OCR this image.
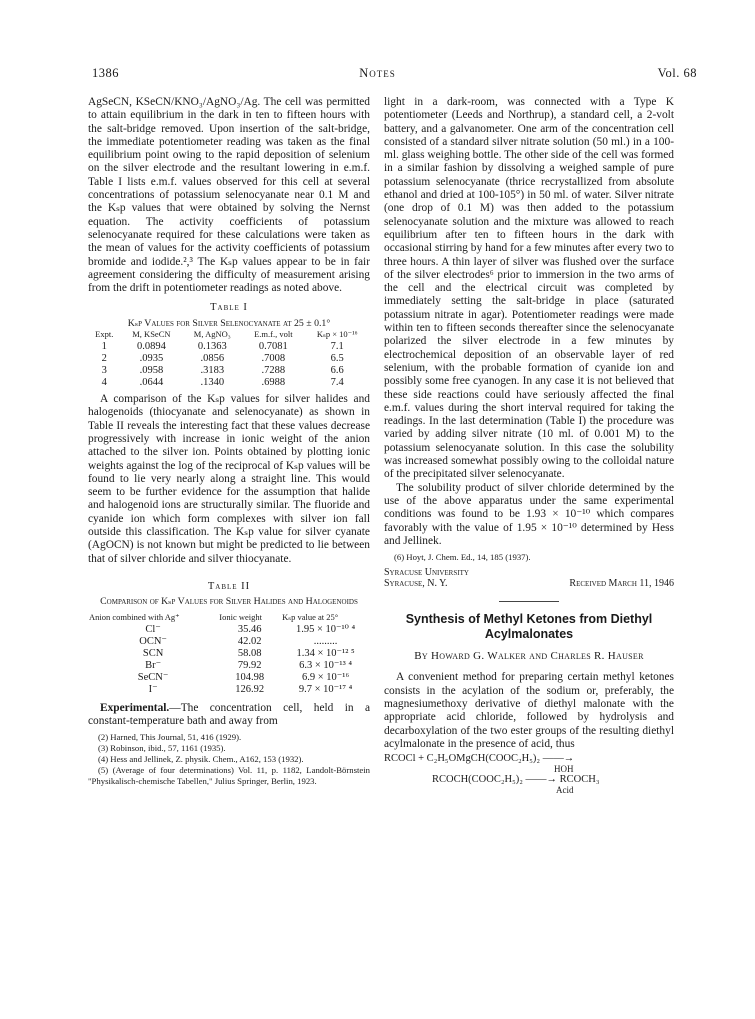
1386	Notes	Vol. 68

AgSeCN, KSeCN/KNO₃/AgNO₃/Ag. The cell was permitted to attain equilibrium in the dark in ten to fifteen hours with the salt-bridge removed. Upon insertion of the salt-bridge, the immediate potentiometer reading was taken as the final equilibrium point owing to the rapid deposition of selenium on the silver electrode and the resultant lowering in e.m.f. Table I lists e.m.f. values observed for this cell at several concentrations of potassium selenocyanate near 0.1 M and the Kₛp values that were obtained by solving the Nernst equation. The activity coefficients of potassium selenocyanate required for these calculations were taken as the mean of values for the activity coefficients of potassium bromide and iodide.²,³ The Kₛp values appear to be in fair agreement considering the difficulty of measurement arising from the drift in potentiometer readings as noted above.

Table I
Kₛp Values for Silver Selenocyanate at 25 ± 0.1°
Expt.	M, KSeCN	M, AgNO₃	E.m.f., volt	Kₛp × 10⁻¹⁶
1	0.0894	0.1363	0.7081	7.1
2	.0935	.0856	.7008	6.5
3	.0958	.3183	.7288	6.6
4	.0644	.1340	.6988	7.4

A comparison of the Kₛp values for silver halides and halogenoids (thiocyanate and selenocyanate) as shown in Table II reveals the interesting fact that these values decrease progressively with increase in ionic weight of the anion attached to the silver ion. Points obtained by plotting ionic weights against the log of the reciprocal of Kₛp values will be found to lie very nearly along a straight line. This would seem to be further evidence for the assumption that halide and halogenoid ions are structurally similar. The fluoride and cyanide ion which form complexes with silver ion fall outside this classification. The Kₛp value for silver cyanate (AgOCN) is not known but might be predicted to lie between that of silver chloride and silver thiocyanate.

Table II
Comparison of Kₛp Values for Silver Halides and Halogenoids
Anion combined with Ag⁺	Ionic weight	Kₛp value at 25°
Cl⁻	35.46	1.95 × 10⁻¹⁰ ⁴
OCN⁻	42.02	.........
SCN	58.08	1.34 × 10⁻¹² ⁵
Br⁻	79.92	6.3 × 10⁻¹³ ⁴
SeCN⁻	104.98	6.9 × 10⁻¹⁶
I⁻	126.92	9.7 × 10⁻¹⁷ ⁴

Experimental.—The concentration cell, held in a constant-temperature bath and away from

(2) Harned, This Journal, 51, 416 (1929).
(3) Robinson, ibid., 57, 1161 (1935).
(4) Hess and Jellinek, Z. physik. Chem., A162, 153 (1932).
(5) (Average of four determinations) Vol. 11, p. 1182, Landolt-Börnstein "Physikalisch-chemische Tabellen," Julius Springer, Berlin, 1923.

light in a dark-room, was connected with a Type K potentiometer (Leeds and Northrup), a standard cell, a 2-volt battery, and a galvanometer. One arm of the concentration cell consisted of a standard silver nitrate solution (50 ml.) in a 100-ml. glass weighing bottle. The other side of the cell was formed in a similar fashion by dissolving a weighed sample of pure potassium selenocyanate (thrice recrystallized from absolute ethanol and dried at 100-105°) in 50 ml. of water. Silver nitrate (one drop of 0.1 M) was then added to the potassium selenocyanate solution and the mixture was allowed to reach equilibrium after ten to fifteen hours in the dark with occasional stirring by hand for a few minutes after every two to three hours. A thin layer of silver was flushed over the surface of the silver electrodes⁶ prior to immersion in the two arms of the cell and the electrical circuit was completed by immediately setting the salt-bridge in place (saturated potassium nitrate in agar). Potentiometer readings were made within ten to fifteen seconds thereafter since the selenocyanate polarized the silver electrode in a few minutes by electrochemical deposition of an observable layer of red selenium, with the probable formation of cyanide ion and possibly some free cyanogen. In any case it is not believed that these side reactions could have seriously affected the final e.m.f. values during the short interval required for taking the readings. In the last determination (Table I) the procedure was varied by adding silver nitrate (10 ml. of 0.001 M) to the potassium selenocyanate solution. In this case the solubility was increased somewhat possibly owing to the colloidal nature of the precipitated silver selenocyanate.

The solubility product of silver chloride determined by the use of the above apparatus under the same experimental conditions was found to be 1.93 × 10⁻¹⁰ which compares favorably with the value of 1.95 × 10⁻¹⁰ determined by Hess and Jellinek.

(6) Hoyt, J. Chem. Ed., 14, 185 (1937).
Syracuse University
Syracuse, N. Y.	Received March 11, 1946
Synthesis of Methyl Ketones from Diethyl Acylmalonates
By Howard G. Walker and Charles R. Hauser

A convenient method for preparing certain methyl ketones consists in the acylation of the sodium or, preferably, the magnesiumethoxy derivative of diethyl malonate with the appropriate acid chloride, followed by hydrolysis and decarboxylation of the two ester groups of the resulting diethyl acylmalonate in the presence of acid, thus

RCOCl + C₂H₅OMgCH(COOC₂H₅)₂ ——→
HOH
RCOCH(COOC₂H₅)₂ ——→ RCOCH₃
Acid
